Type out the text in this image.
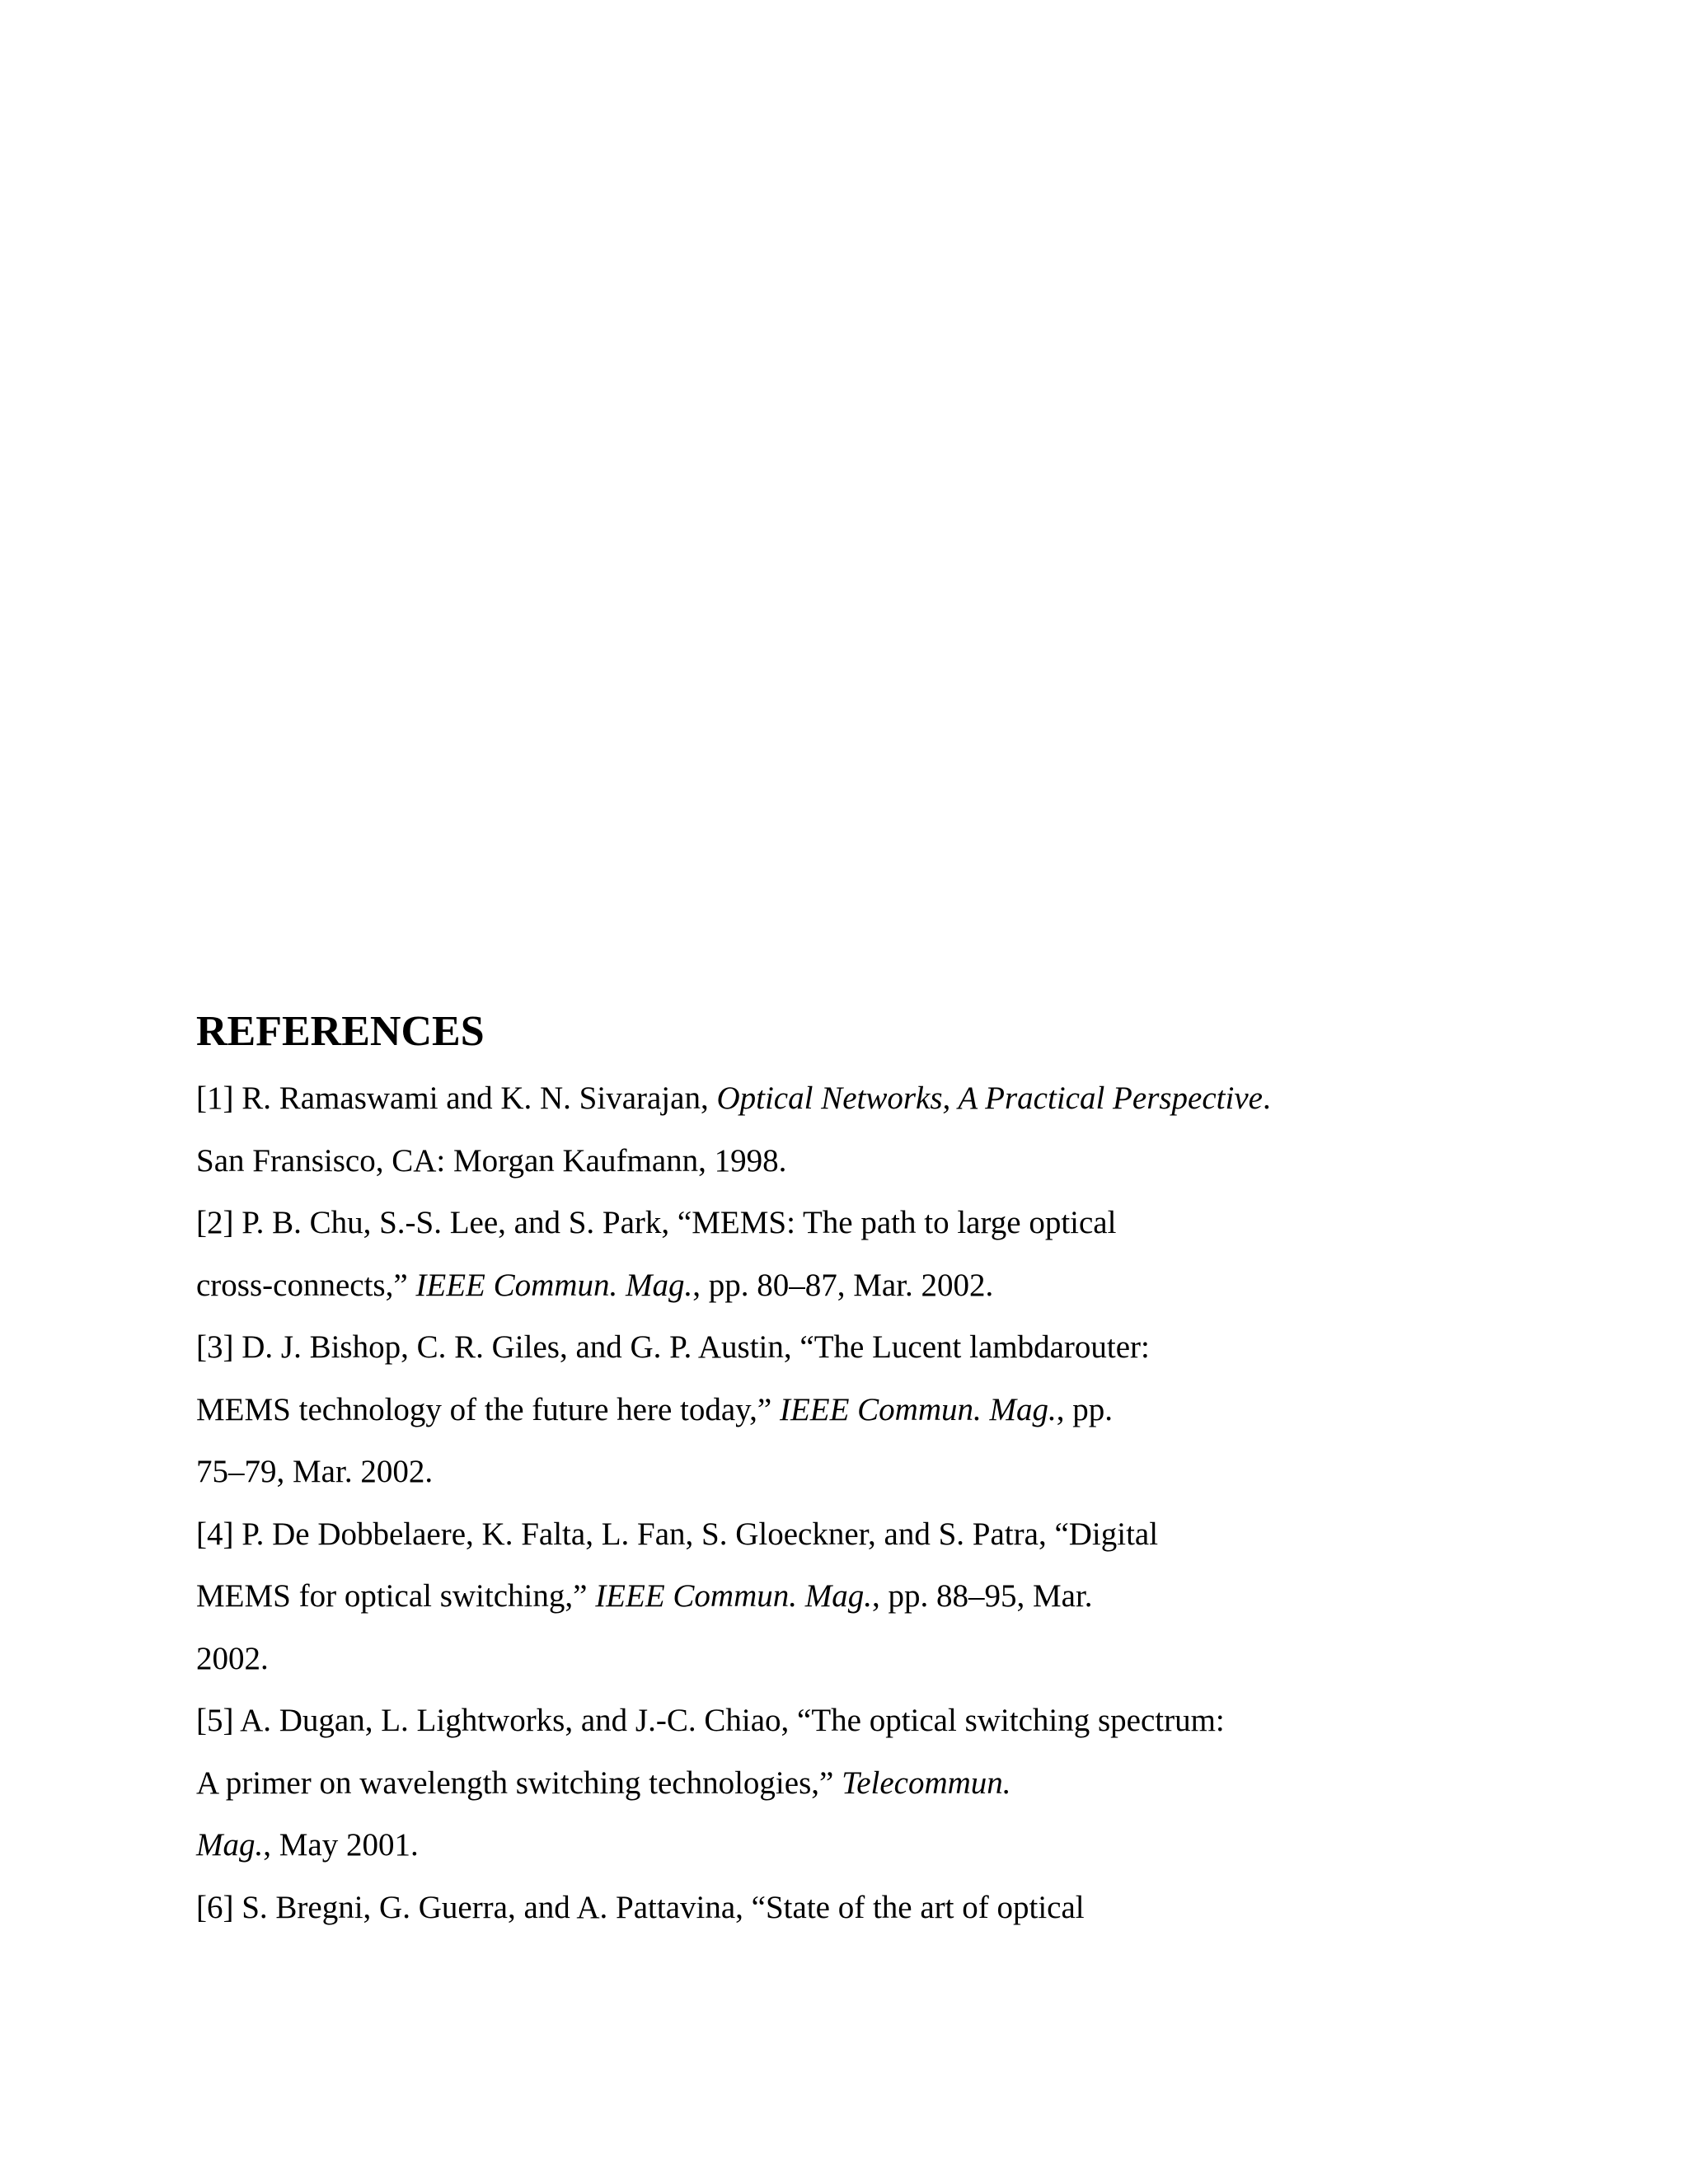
REFERENCES

[1] R. Ramaswami and K. N. Sivarajan, Optical Networks, A Practical Perspective.

San Fransisco, CA: Morgan Kaufmann, 1998.

[2] P. B. Chu, S.-S. Lee, and S. Park, “MEMS: The path to large optical

cross-connects,” IEEE Commun. Mag., pp. 80–87, Mar. 2002.

[3] D. J. Bishop, C. R. Giles, and G. P. Austin, “The Lucent lambdarouter:

MEMS technology of the future here today,” IEEE Commun. Mag., pp.

75–79, Mar. 2002.

[4] P. De Dobbelaere, K. Falta, L. Fan, S. Gloeckner, and S. Patra, “Digital

MEMS for optical switching,” IEEE Commun. Mag., pp. 88–95, Mar.

2002.

[5] A. Dugan, L. Lightworks, and J.-C. Chiao, “The optical switching spectrum:

A primer on wavelength switching technologies,” Telecommun.

Mag., May 2001.

[6] S. Bregni, G. Guerra, and A. Pattavina, “State of the art of optical
